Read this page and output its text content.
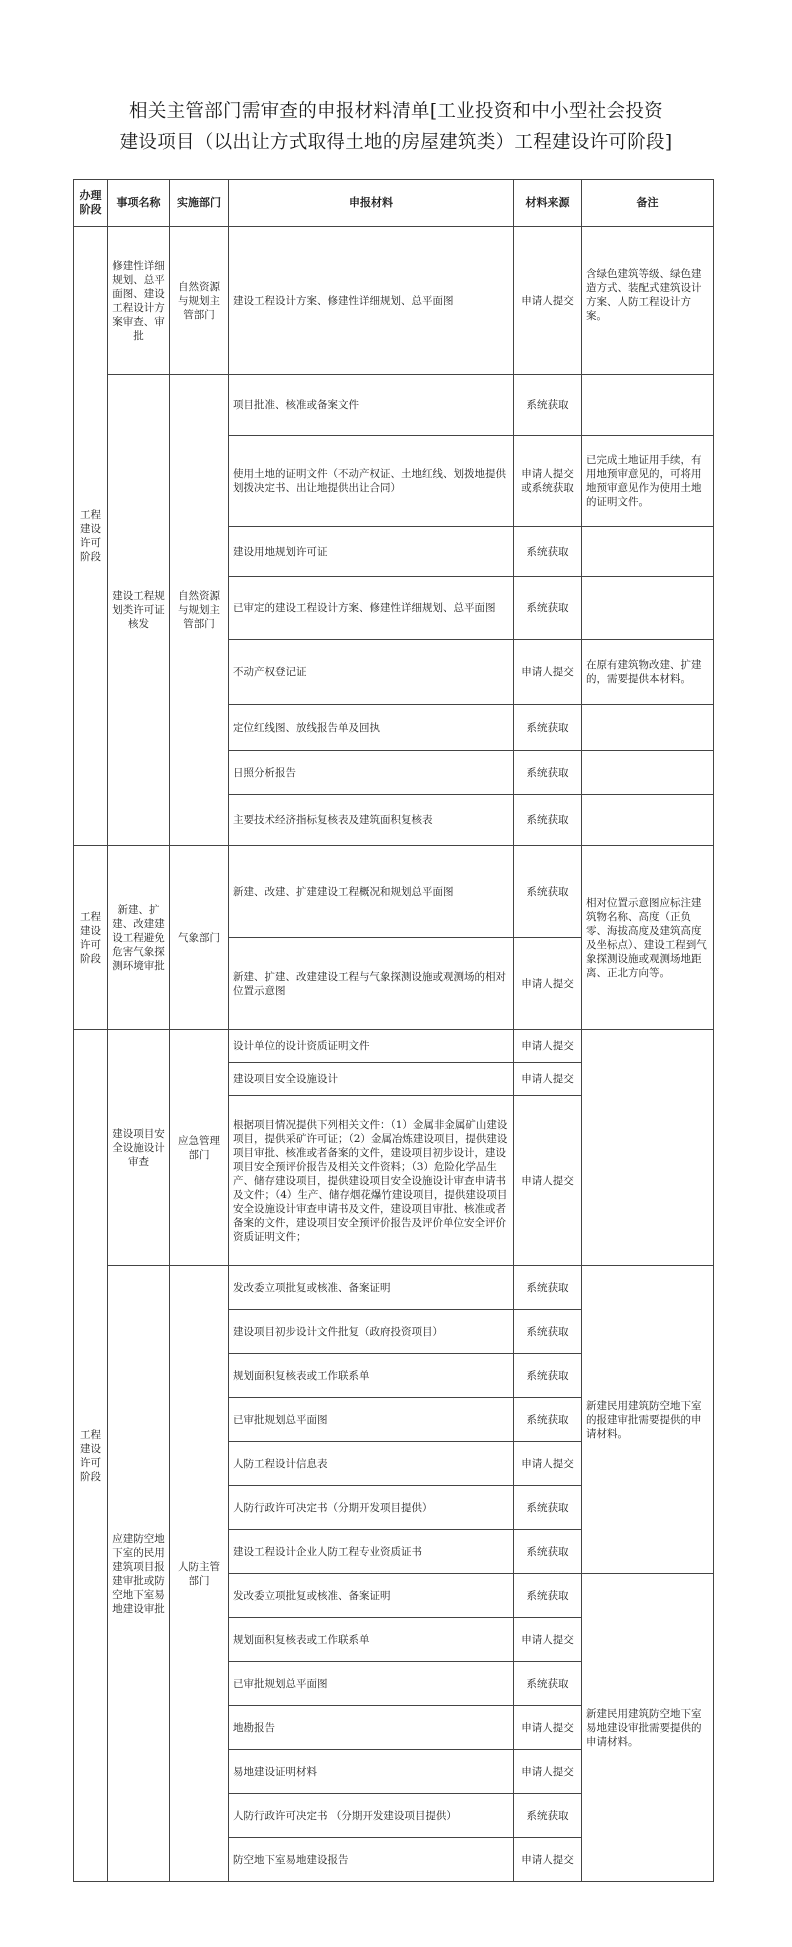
相关主管部门需审查的申报材料清单[工业投资和中小型社会投资
建设项目（以出让方式取得土地的房屋建筑类）工程建设许可阶段]
办理阶段	事项名称	实施部门	申报材料	材料来源	备注
工程建设许可阶段	修建性详细规划、总平面图、建设工程设计方案审查、审批	自然资源与规划主管部门	建设工程设计方案、修建性详细规划、总平面图	申请人提交	含绿色建筑等级、绿色建造方式、装配式建筑设计方案、人防工程设计方案。
	建设工程规划类许可证核发	自然资源与规划主管部门	项目批准、核准或备案文件	系统获取	
			使用土地的证明文件（不动产权证、土地红线、划拨地提供划拨决定书、出让地提供出让合同）	申请人提交或系统获取	已完成土地证用手续，有用地预审意见的，可将用地预审意见作为使用土地的证明文件。
			建设用地规划许可证	系统获取	
			已审定的建设工程设计方案、修建性详细规划、总平面图	系统获取	
			不动产权登记证	申请人提交	在原有建筑物改建、扩建的，需要提供本材料。
			定位红线图、放线报告单及回执	系统获取	
			日照分析报告	系统获取	
			主要技术经济指标复核表及建筑面积复核表	系统获取	
工程建设许可阶段	新建、扩建、改建建设工程避免危害气象探测环境审批	气象部门	新建、改建、扩建建设工程概况和规划总平面图	系统获取	相对位置示意图应标注建筑物名称、高度（正负零、海拔高度及建筑高度及坐标点）、建设工程到气象探测设施或观测场地距离、正北方向等。
			新建、扩建、改建建设工程与气象探测设施或观测场的相对位置示意图	申请人提交	
工程建设许可阶段	建设项目安全设施设计审查	应急管理部门	设计单位的设计资质证明文件	申请人提交	
			建设项目安全设施设计	申请人提交	
			根据项目情况提供下列相关文件：（1）金属非金属矿山建设项目，提供采矿许可证；（2）金属冶炼建设项目，提供建设项目审批、核准或者备案的文件，建设项目初步设计，建设项目安全预评价报告及相关文件资料；（3）危险化学品生产、储存建设项目，提供建设项目安全设施设计审查申请书及文件；（4）生产、储存烟花爆竹建设项目，提供建设项目安全设施设计审查申请书及文件，建设项目审批、核准或者备案的文件，建设项目安全预评价报告及评价单位安全评价资质证明文件；	申请人提交	
	应建防空地下室的民用建筑项目报建审批或防空地下室易地建设审批	人防主管部门	发改委立项批复或核准、备案证明	系统获取	新建民用建筑防空地下室的报建审批需要提供的申请材料。
			建设项目初步设计文件批复（政府投资项目）	系统获取	
			规划面积复核表或工作联系单	系统获取	
			已审批规划总平面图	系统获取	
			人防工程设计信息表	申请人提交	
			人防行政许可决定书（分期开发项目提供）	系统获取	
			建设工程设计企业人防工程专业资质证书	系统获取	
			发改委立项批复或核准、备案证明	系统获取	新建民用建筑防空地下室易地建设审批需要提供的申请材料。
			规划面积复核表或工作联系单	申请人提交	
			已审批规划总平面图	系统获取	
			地勘报告	申请人提交	
			易地建设证明材料	申请人提交	
			人防行政许可决定书 （分期开发建设项目提供）	系统获取	
			防空地下室易地建设报告	申请人提交	
